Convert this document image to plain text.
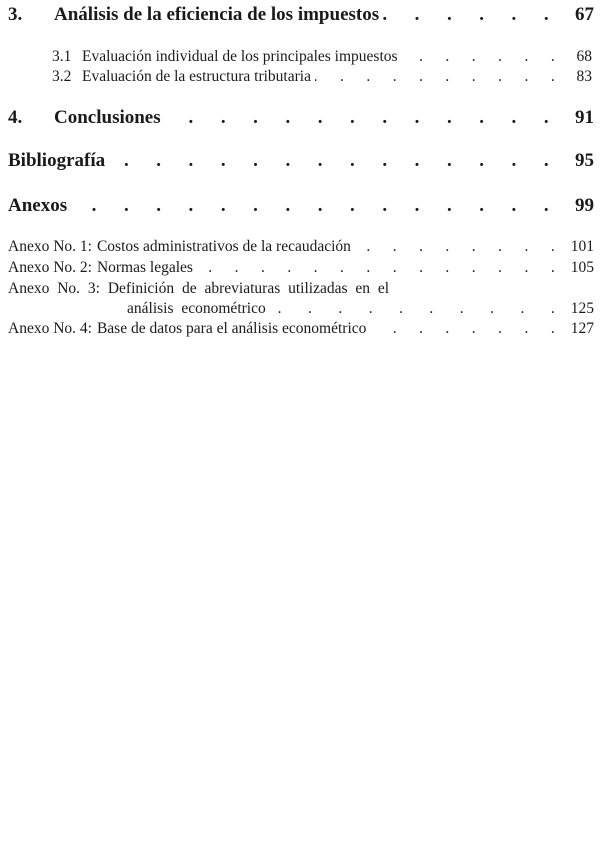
3.	Análisis de la eficiencia de los impuestos . . .	67
3.1 Evaluación individual de los principales impuestos . . .	68
3.2 Evaluación de la estructura tributaria . . .	83
4.	Conclusiones . . .	91
Bibliografía . . .	95
Anexos . . .	99
Anexo No. 1: Costos administrativos de la recaudación . . .	101
Anexo No. 2: Normas legales . . .	105
Anexo No. 3: Definición de abreviaturas utilizadas en el
análisis econométrico . . .	125
Anexo No. 4: Base de datos para el análisis econométrico . . .	127
